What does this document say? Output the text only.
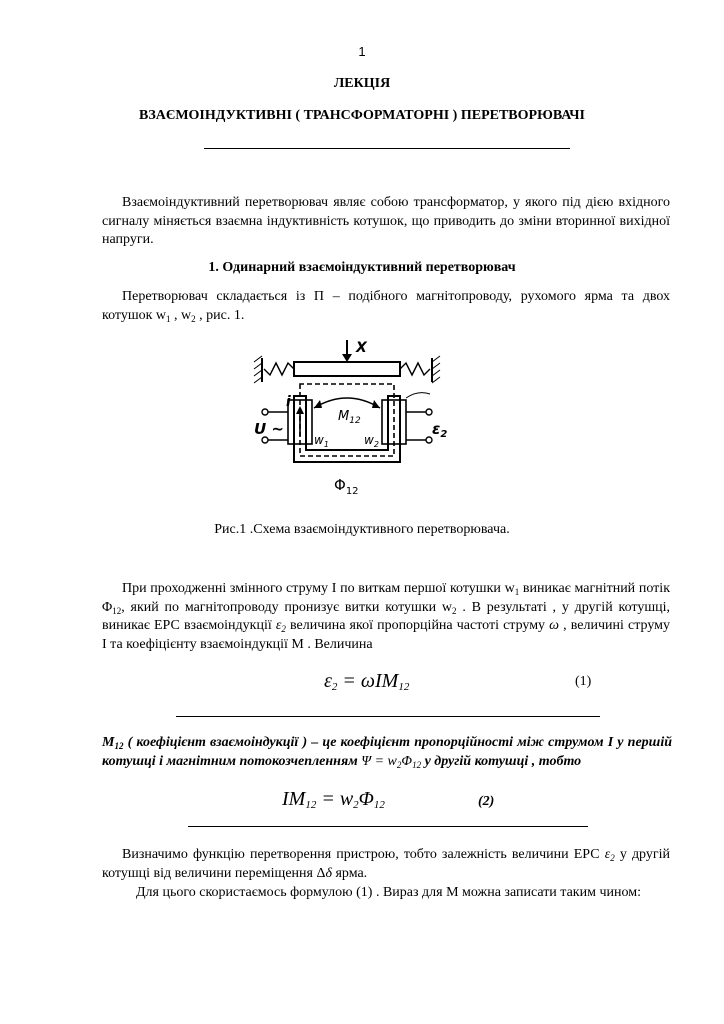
1
ЛЕКЦІЯ
ВЗАЄМОІНДУКТИВНІ ( ТРАНСФОРМАТОРНІ ) ПЕРЕТВОРЮВАЧІ

Взаємоіндуктивний перетворювач являє собою трансформатор, у якого під дією вхідного сигналу міняється взаємна індуктивність котушок, що приводить до зміни вторинної вихідної напруги.

1. Одинарний взаємоіндуктивний перетворювач

Перетворювач складається із П – подібного магнітопроводу, рухомого ярма та двох котушок $w_1$ , $w_2$ , рис. 1.

X
i
$M_{12}$
U ~	$\varepsilon_2$
$w_1$	$w_2$
$\Phi_{12}$
Рис.1 .Схема взаємоіндуктивного перетворювача.

При проходженні змінного струму I по виткам першої котушки $w_1$ виникає магнітний потік $\Phi_{12}$, який по магнітопроводу пронизує витки котушки $w_2$ . В результаті , у другій котушці, виникає ЕРС взаємоіндукції $\varepsilon_2$ величина якої пропорційна частоті струму ω , величині струму I та коефіцієнту взаємоіндукції M . Величина

$\varepsilon_2 = \omega IM_{12}$	(1)

$M_{12}$ ( коефіцієнт взаємоіндукції ) – це коефіцієнт пропорційності між струмом I у першій котушці і магнітним потокозчепленням $\Psi = w_2\Phi_{12}$ у другій котушці , тобто

$IM_{12} = w_2\Phi_{12}$	(2)

Визначимо функцію перетворення пристрою, тобто залежність величини ЕРС $\varepsilon_2$ у другій котушці від величини переміщення Δδ ярма.

Для цього скористаємось формулою (1) . Вираз для М можна записати таким чином:
